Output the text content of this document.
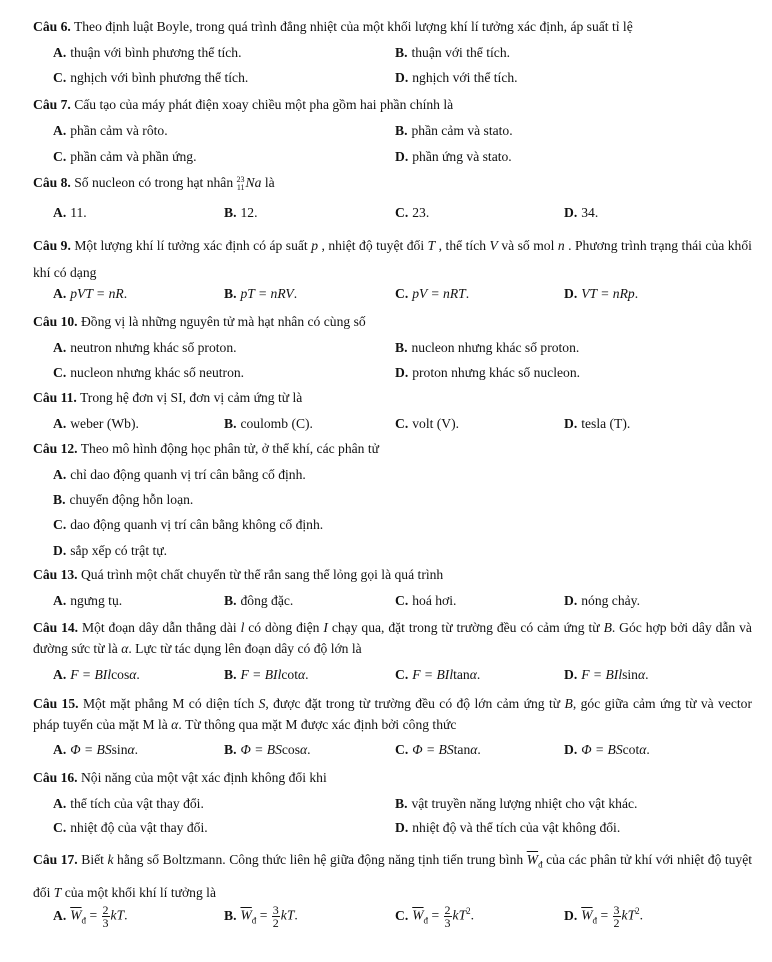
Câu 6. Theo định luật Boyle, trong quá trình đẳng nhiệt của một khối lượng khí lí tưởng xác định, áp suất tỉ lệ
A. thuận với bình phương thể tích.	B. thuận với thể tích.
C. nghịch với bình phương thể tích.	D. nghịch với thể tích.
Câu 7. Cấu tạo của máy phát điện xoay chiều một pha gồm hai phần chính là
A. phần cảm và rôto.	B. phần cảm và stato.
C. phần cảm và phần ứng.	D. phần ứng và stato.
Câu 8. Số nucleon có trong hạt nhân 23
11 Na là
A. 11.	B. 12.	C. 23.	D. 34.
Câu 9. Một lượng khí lí tưởng xác định có áp suất p , nhiệt độ tuyệt đối T , thể tích V và số mol n . Phương trình trạng thái của khối khí có dạng
A. pVT = nR.	B. pT = nRV.	C. pV = nRT.	D. VT = nRp.
Câu 10. Đồng vị là những nguyên tử mà hạt nhân có cùng số
A. neutron nhưng khác số proton.	B. nucleon nhưng khác số proton.
C. nucleon nhưng khác số neutron.	D. proton nhưng khác số nucleon.
Câu 11. Trong hệ đơn vị SI, đơn vị cảm ứng từ là
A. weber (Wb).	B. coulomb (C).	C. volt (V).	D. tesla (T).
Câu 12. Theo mô hình động học phân tử, ở thể khí, các phân tử
A. chỉ dao động quanh vị trí cân bằng cố định.
B. chuyển động hỗn loạn.
C. dao động quanh vị trí cân bằng không cố định.
D. sắp xếp có trật tự.
Câu 13. Quá trình một chất chuyển từ thể rắn sang thể lỏng gọi là quá trình
A. ngưng tụ.	B. đông đặc.	C. hoá hơi.	D. nóng chảy.
Câu 14. Một đoạn dây dẫn thẳng dài l có dòng điện I chạy qua, đặt trong từ trường đều có cảm ứng từ B. Góc hợp bởi dây dẫn và đường sức từ là α. Lực từ tác dụng lên đoạn dây có độ lớn là
A. F = BIlcosα.	B. F = BIlcotα.	C. F = BIltanα.	D. F = BIlsinα.
Câu 15. Một mặt phẳng M có diện tích S, được đặt trong từ trường đều có độ lớn cảm ứng từ B, góc giữa cảm ứng từ và vector pháp tuyến của mặt M là α. Từ thông qua mặt M được xác định bởi công thức
A. Φ = BSsinα.	B. Φ = BScosα.	C. Φ = BStanα.	D. Φ = BScotα.
Câu 16. Nội năng của một vật xác định không đổi khi
A. thể tích của vật thay đổi.	B. vật truyền năng lượng nhiệt cho vật khác.
C. nhiệt độ của vật thay đổi.	D. nhiệt độ và thể tích của vật không đổi.
Câu 17. Biết k hằng số Boltzmann. Công thức liên hệ giữa động năng tịnh tiến trung bình $\overline{W}_đ$ của các phân tử khí với nhiệt độ tuyệt đối T của một khối khí lí tưởng là
A. $\overline{W}_đ = \frac{2}{3}$ kT.	B. $\overline{W}_đ = \frac{3}{2}$ kT.	C. $\overline{W}_đ = \frac{2}{3} kT^2$.	D. $\overline{W}_đ = \frac{3}{2} kT^2$.
